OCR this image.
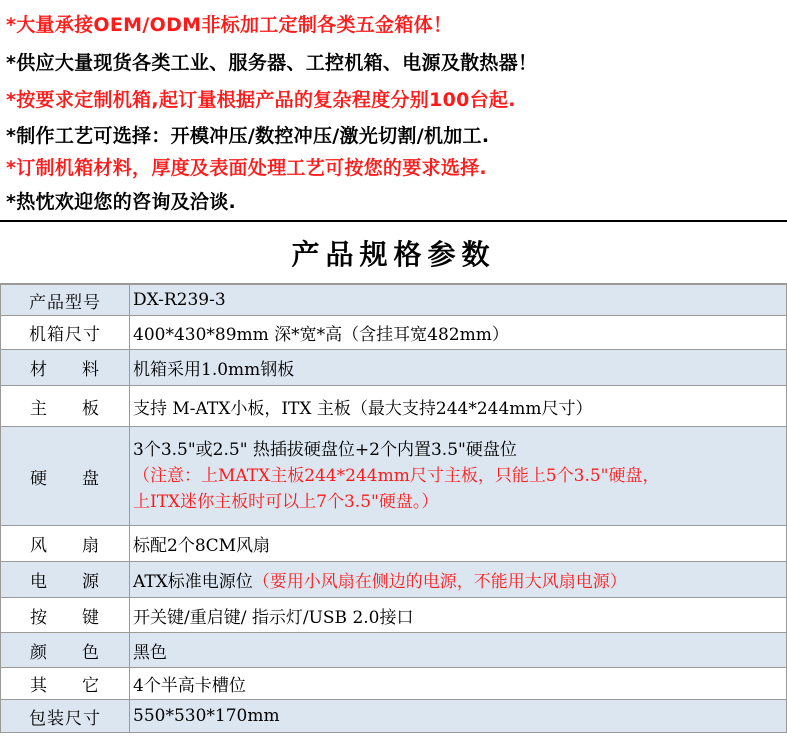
*大量承接OEM/ODM非标加工定制各类五金箱体！
*供应大量现货各类工业、服务器、工控机箱、电源及散热器！
*按要求定制机箱,起订量根据产品的复杂程度分别100台起.
*制作工艺可选择：开模冲压/数控冲压/激光切割/机加工.
*订制机箱材料，厚度及表面处理工艺可按您的要求选择.
*热忱欢迎您的咨询及洽谈.
产品规格参数
产品型号	DX-R239-3
机箱尺寸	400*430*89mm 深*宽*高（含挂耳宽482mm）
材 料	机箱采用1.0mm钢板
主 板	支持 M-ATX小板，ITX 主板（最大支持244*244mm尺寸）
硬 盘	3个3.5"或2.5" 热插拔硬盘位+2个内置3.5"硬盘位
（注意：上MATX主板244*244mm尺寸主板，只能上5个3.5"硬盘，
上ITX迷你主板时可以上7个3.5"硬盘。）

风 扇	标配2个8CM风扇
电 源	ATX标准电源位（要用小风扇在侧边的电源，不能用大风扇电源）
按 键	开关键/重启键/ 指示灯/USB 2.0接口
颜 色	黑色
其 它	4个半高卡槽位
包装尺寸	550*530*170mm
